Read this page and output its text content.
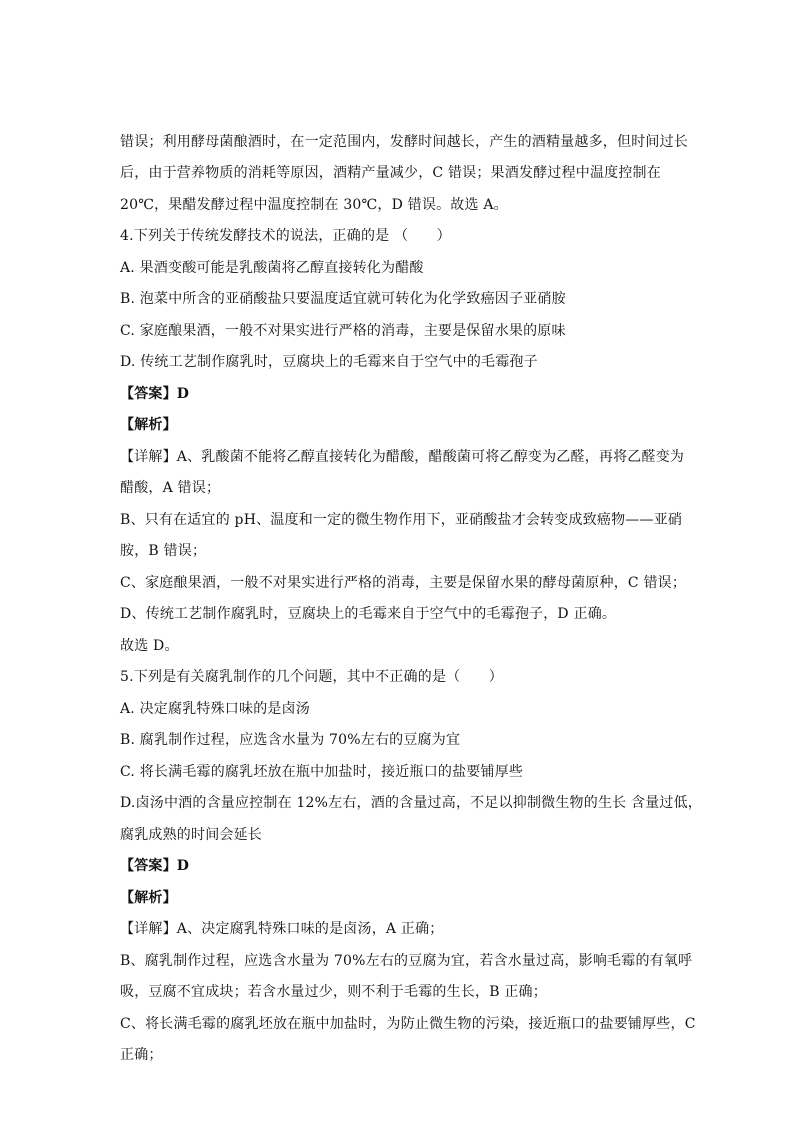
错误；利用酵母菌酿酒时，在一定范围内，发酵时间越长，产生的酒精量越多，但时间过长
后，由于营养物质的消耗等原因，酒精产量减少，C 错误；果酒发酵过程中温度控制在
20℃，果醋发酵过程中温度控制在 30℃，D 错误。故选 A。
4.下列关于传统发酵技术的说法，正确的是 （　　）
A. 果酒变酸可能是乳酸菌将乙醇直接转化为醋酸
B. 泡菜中所含的亚硝酸盐只要温度适宜就可转化为化学致癌因子亚硝胺
C. 家庭酿果酒，一般不对果实进行严格的消毒，主要是保留水果的原味
D. 传统工艺制作腐乳时，豆腐块上的毛霉来自于空气中的毛霉孢子
【答案】D
【解析】
【详解】A、乳酸菌不能将乙醇直接转化为醋酸，醋酸菌可将乙醇变为乙醛，再将乙醛变为
醋酸，A 错误；
B、只有在适宜的 pH、温度和一定的微生物作用下，亚硝酸盐才会转变成致癌物——亚硝
胺，B 错误；
C、家庭酿果酒，一般不对果实进行严格的消毒，主要是保留水果的酵母菌原种，C 错误；
D、传统工艺制作腐乳时，豆腐块上的毛霉来自于空气中的毛霉孢子，D 正确。
故选 D。
5.下列是有关腐乳制作的几个问题，其中不正确的是（　　）
A. 决定腐乳特殊口味的是卤汤
B. 腐乳制作过程，应选含水量为 70%左右的豆腐为宜
C. 将长满毛霉的腐乳坯放在瓶中加盐时，接近瓶口的盐要铺厚些
D.卤汤中酒的含量应控制在 12%左右，酒的含量过高，不足以抑制微生物的生长 含量过低，
腐乳成熟的时间会延长
【答案】D
【解析】
【详解】A、决定腐乳特殊口味的是卤汤，A 正确；
B、腐乳制作过程，应选含水量为 70%左右的豆腐为宜，若含水量过高，影响毛霉的有氧呼
吸，豆腐不宜成块；若含水量过少，则不利于毛霉的生长，B 正确；
C、将长满毛霉的腐乳坯放在瓶中加盐时，为防止微生物的污染，接近瓶口的盐要铺厚些，C
正确；
